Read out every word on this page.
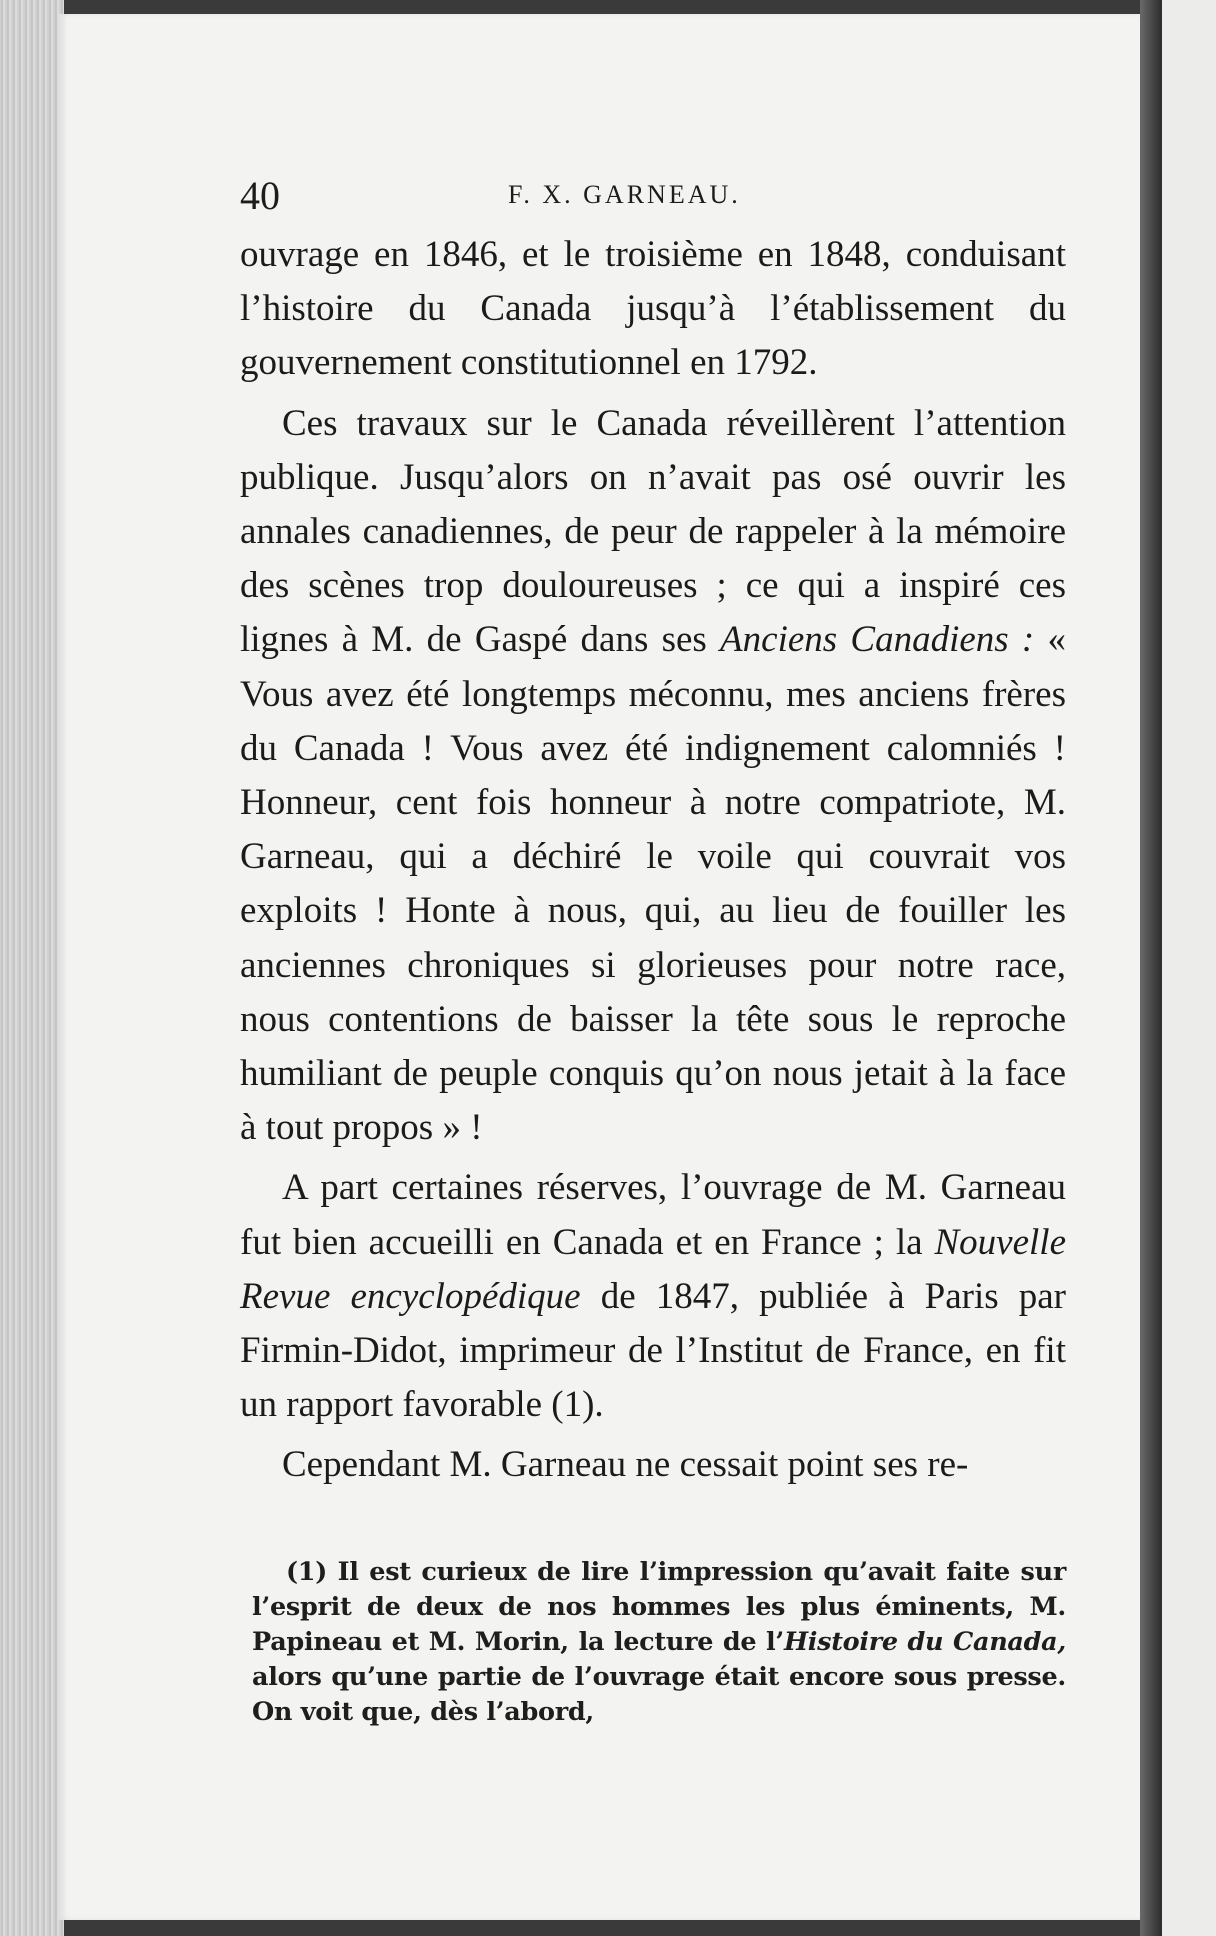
40	F. X. GARNEAU.

ouvrage en 1846, et le troisième en 1848, conduisant l’histoire du Canada jusqu’à l’établissement du gouvernement constitutionnel en 1792.

Ces travaux sur le Canada réveillèrent l’attention publique. Jusqu’alors on n’avait pas osé ouvrir les annales canadiennes, de peur de rappeler à la mémoire des scènes trop douloureuses ; ce qui a inspiré ces lignes à M. de Gaspé dans ses Anciens Canadiens : « Vous avez été longtemps méconnu, mes anciens frères du Canada ! Vous avez été indignement calomniés ! Honneur, cent fois honneur à notre compatriote, M. Garneau, qui a déchiré le voile qui couvrait vos exploits ! Honte à nous, qui, au lieu de fouiller les anciennes chroniques si glorieuses pour notre race, nous contentions de baisser la tête sous le reproche humiliant de peuple conquis qu’on nous jetait à la face à tout propos » !

A part certaines réserves, l’ouvrage de M. Garneau fut bien accueilli en Canada et en France ; la Nouvelle Revue encyclopédique de 1847, publiée à Paris par Firmin-Didot, imprimeur de l’Institut de France, en fit un rapport favorable (1).

Cependant M. Garneau ne cessait point ses re-

(1) Il est curieux de lire l’impression qu’avait faite sur l’esprit de deux de nos hommes les plus éminents, M. Papineau et M. Morin, la lecture de l’Histoire du Canada, alors qu’une partie de l’ouvrage était encore sous presse. On voit que, dès l’abord,
